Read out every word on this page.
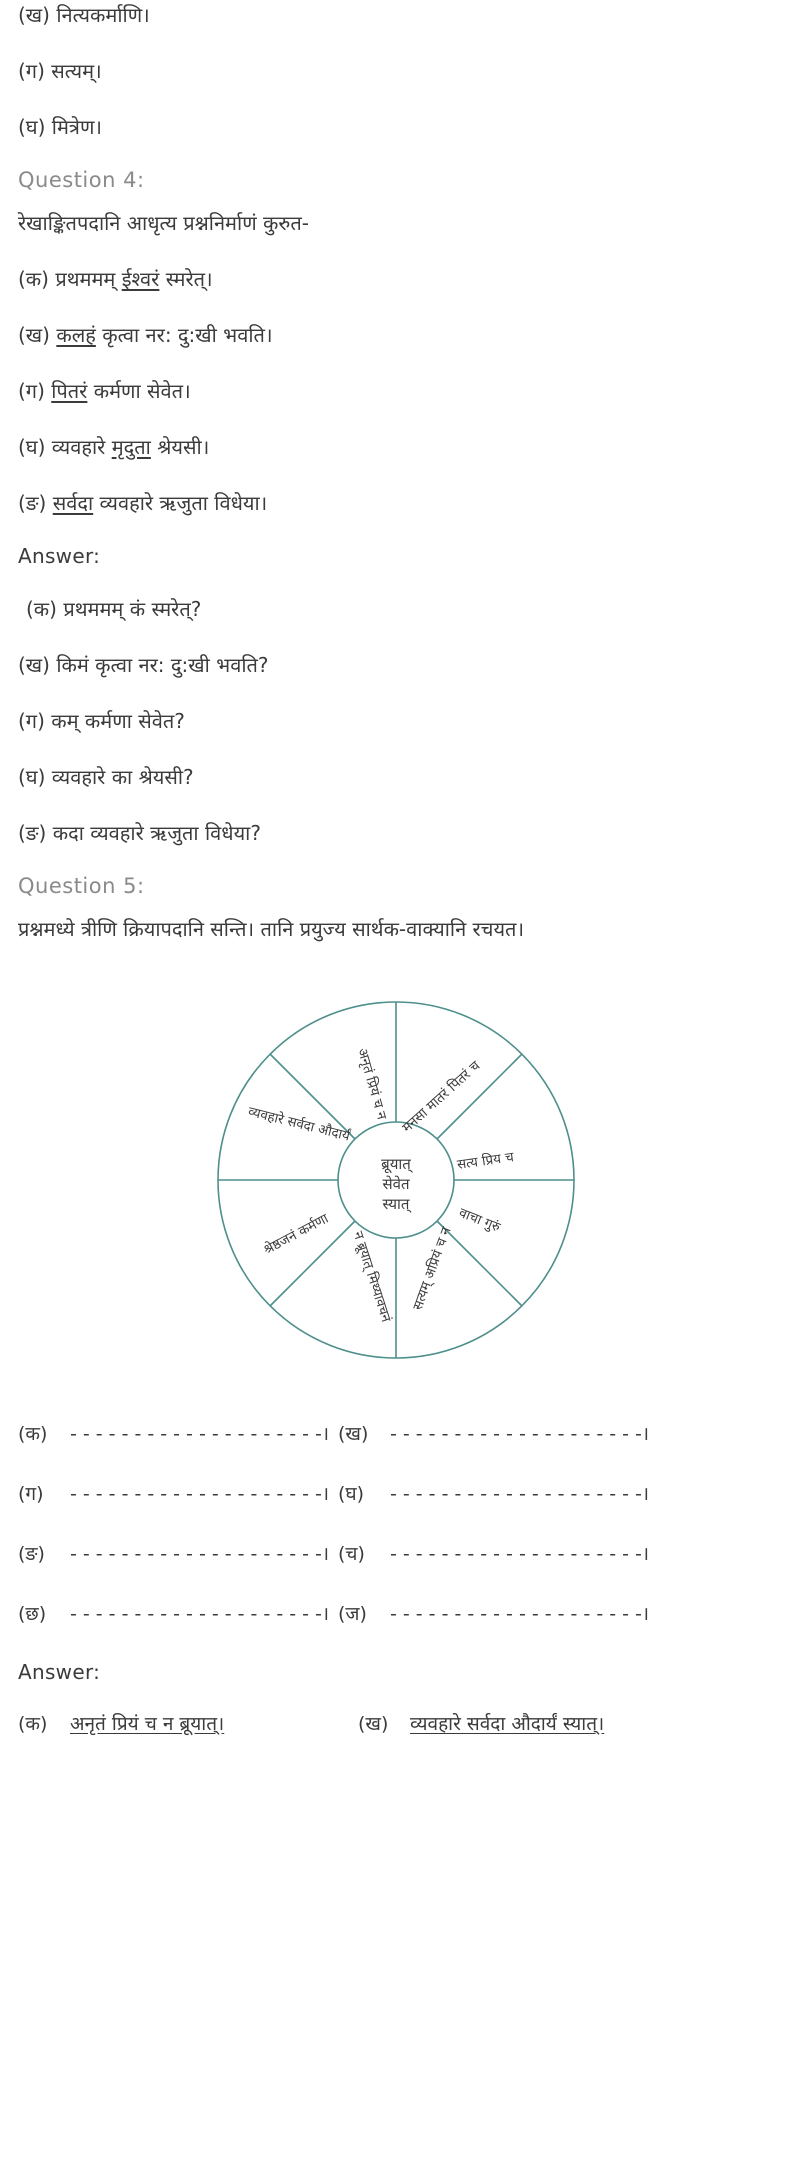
(ख) नित्यकर्माणि।
(ग) सत्यम्।
(घ) मित्रेण।
Question 4:
रेखाङ्कितपदानि आधृत्य प्रश्ननिर्माणं कुरुत-
(क) प्रथममम् ईश्वरं स्मरेत्।
(ख) कलहं कृत्वा नर: दु:खी भवति।
(ग) पितरं कर्मणा सेवेत।
(घ) व्यवहारे मृदुता श्रेयसी।
(ङ) सर्वदा व्यवहारे ऋजुता विधेया।
Answer:
(क) प्रथममम् कं स्मरेत्?
(ख) किमं कृत्वा नर: दु:खी भवति?
(ग) कम् कर्मणा सेवेत?
(घ) व्यवहारे का श्रेयसी?
(ङ) कदा व्यवहारे ऋजुता विधेया?
Question 5:
प्रश्नमध्ये त्रीणि क्रियापदानि सन्ति। तानि प्रयुज्य सार्थक-वाक्यानि रचयत।
ब्रूयात्
सेवेत
स्यात्
मनसा मातरं पितरं च
सत्य प्रिय च
वाचा गुरुं
सत्यम् अप्रियं च न
न ब्रूयात् मिथ्यावचनं
श्रेष्ठजनं कर्मणा
व्यवहारे सर्वदा औदार्यं
अनृतं प्रियं च न
(क)	- - - - - - - - - - - - - - - - - - - -। (ख)	- - - - - - - - - - - - - - - - - - - -।
(ग)	- - - - - - - - - - - - - - - - - - - -। (घ)	- - - - - - - - - - - - - - - - - - - -।
(ङ)	- - - - - - - - - - - - - - - - - - - -। (च)	- - - - - - - - - - - - - - - - - - - -।
(छ)	- - - - - - - - - - - - - - - - - - - -। (ज)	- - - - - - - - - - - - - - - - - - - -।
Answer:
(क)	अनृतं प्रियं च न ब्रूयात्।	(ख)	व्यवहारे सर्वदा औदार्यं स्यात्।
